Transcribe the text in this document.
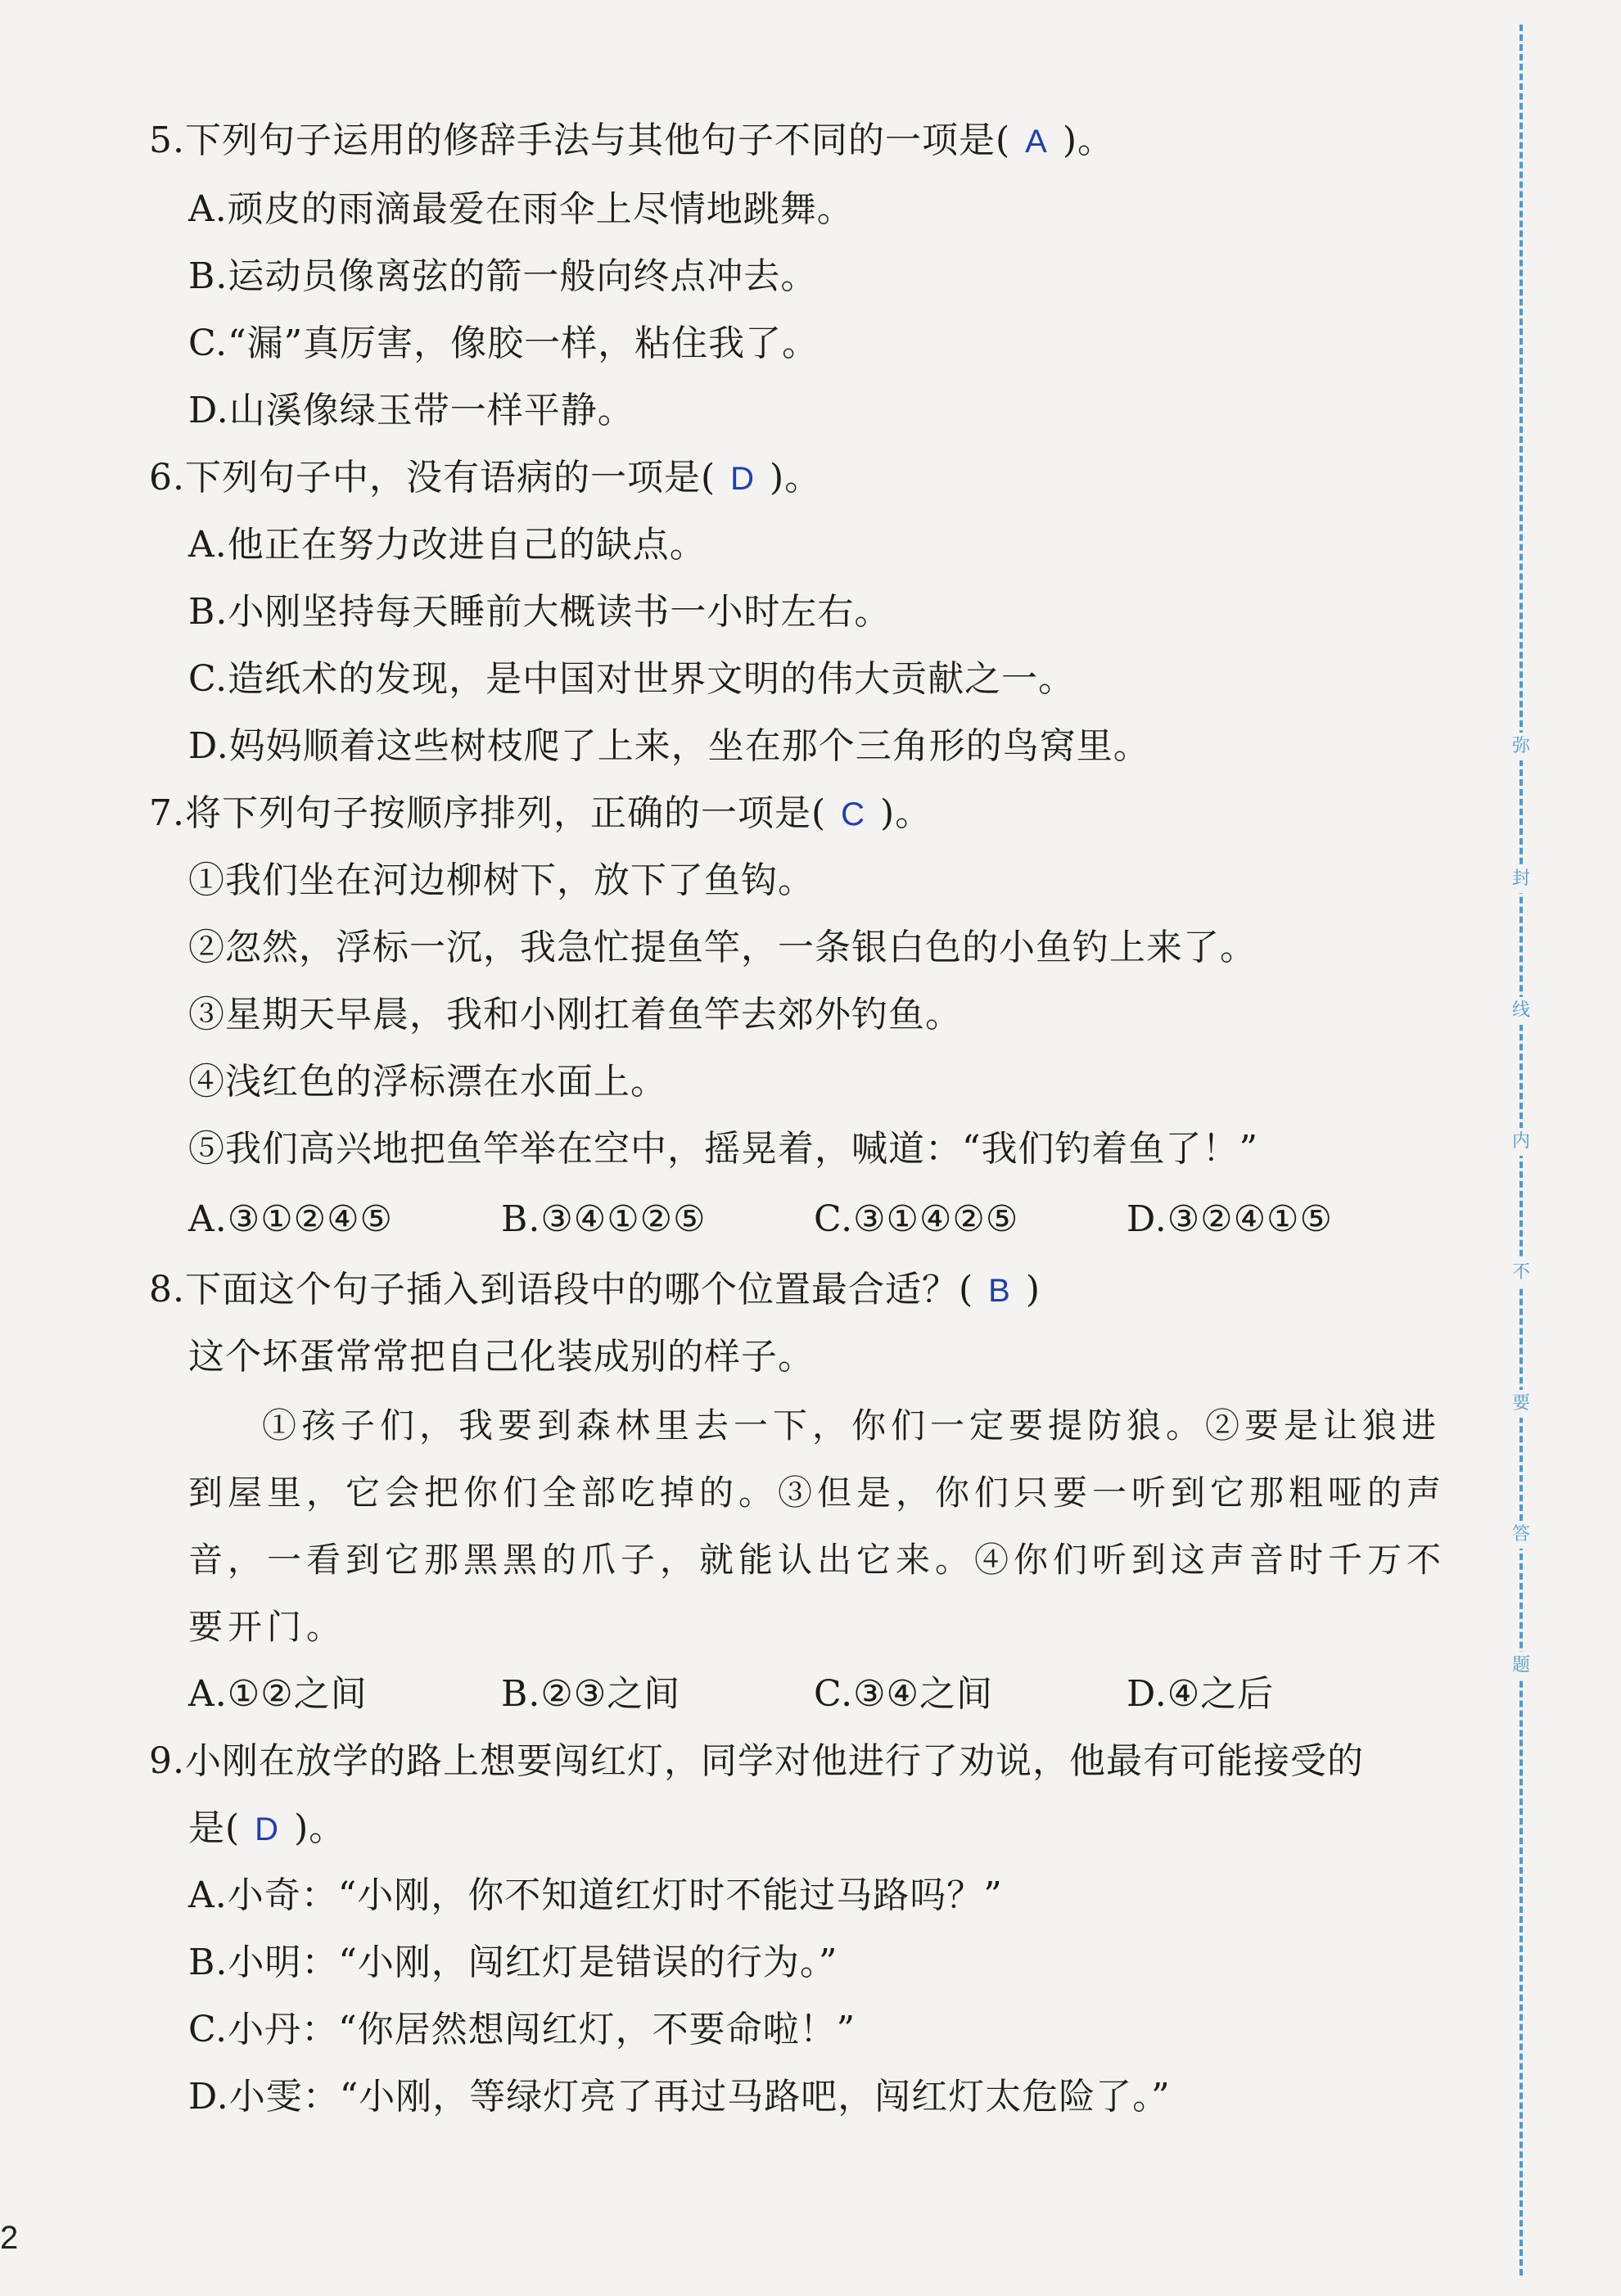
5.下列句子运用的修辞手法与其他句子不同的一项是( A )。
A.顽皮的雨滴最爱在雨伞上尽情地跳舞。
B.运动员像离弦的箭一般向终点冲去。
C.“漏”真厉害，像胶一样，粘住我了。
D.山溪像绿玉带一样平静。
6.下列句子中，没有语病的一项是( D )。
A.他正在努力改进自己的缺点。
B.小刚坚持每天睡前大概读书一小时左右。
C.造纸术的发现，是中国对世界文明的伟大贡献之一。
D.妈妈顺着这些树枝爬了上来，坐在那个三角形的鸟窝里。
7.将下列句子按顺序排列，正确的一项是( C )。
①我们坐在河边柳树下，放下了鱼钩。
②忽然，浮标一沉，我急忙提鱼竿，一条银白色的小鱼钓上来了。
③星期天早晨，我和小刚扛着鱼竿去郊外钓鱼。
④浅红色的浮标漂在水面上。
⑤我们高兴地把鱼竿举在空中，摇晃着，喊道：“我们钓着鱼了！”
A.③①②④⑤	B.③④①②⑤	C.③①④②⑤	D.③②④①⑤
8.下面这个句子插入到语段中的哪个位置最合适？( B )
这个坏蛋常常把自己化装成别的样子。
①孩子们，我要到森林里去一下，你们一定要提防狼。②要是让狼进
到屋里，它会把你们全部吃掉的。③但是，你们只要一听到它那粗哑的声
音，一看到它那黑黑的爪子，就能认出它来。④你们听到这声音时千万不
要开门。
A.①②之间	B.②③之间	C.③④之间	D.④之后
9.小刚在放学的路上想要闯红灯，同学对他进行了劝说，他最有可能接受的
是( D )。
A.小奇：“小刚，你不知道红灯时不能过马路吗？”
B.小明：“小刚，闯红灯是错误的行为。”
C.小丹：“你居然想闯红灯，不要命啦！”
D.小雯：“小刚，等绿灯亮了再过马路吧，闯红灯太危险了。”
弥
封
线
内
不
要
答
题
2
